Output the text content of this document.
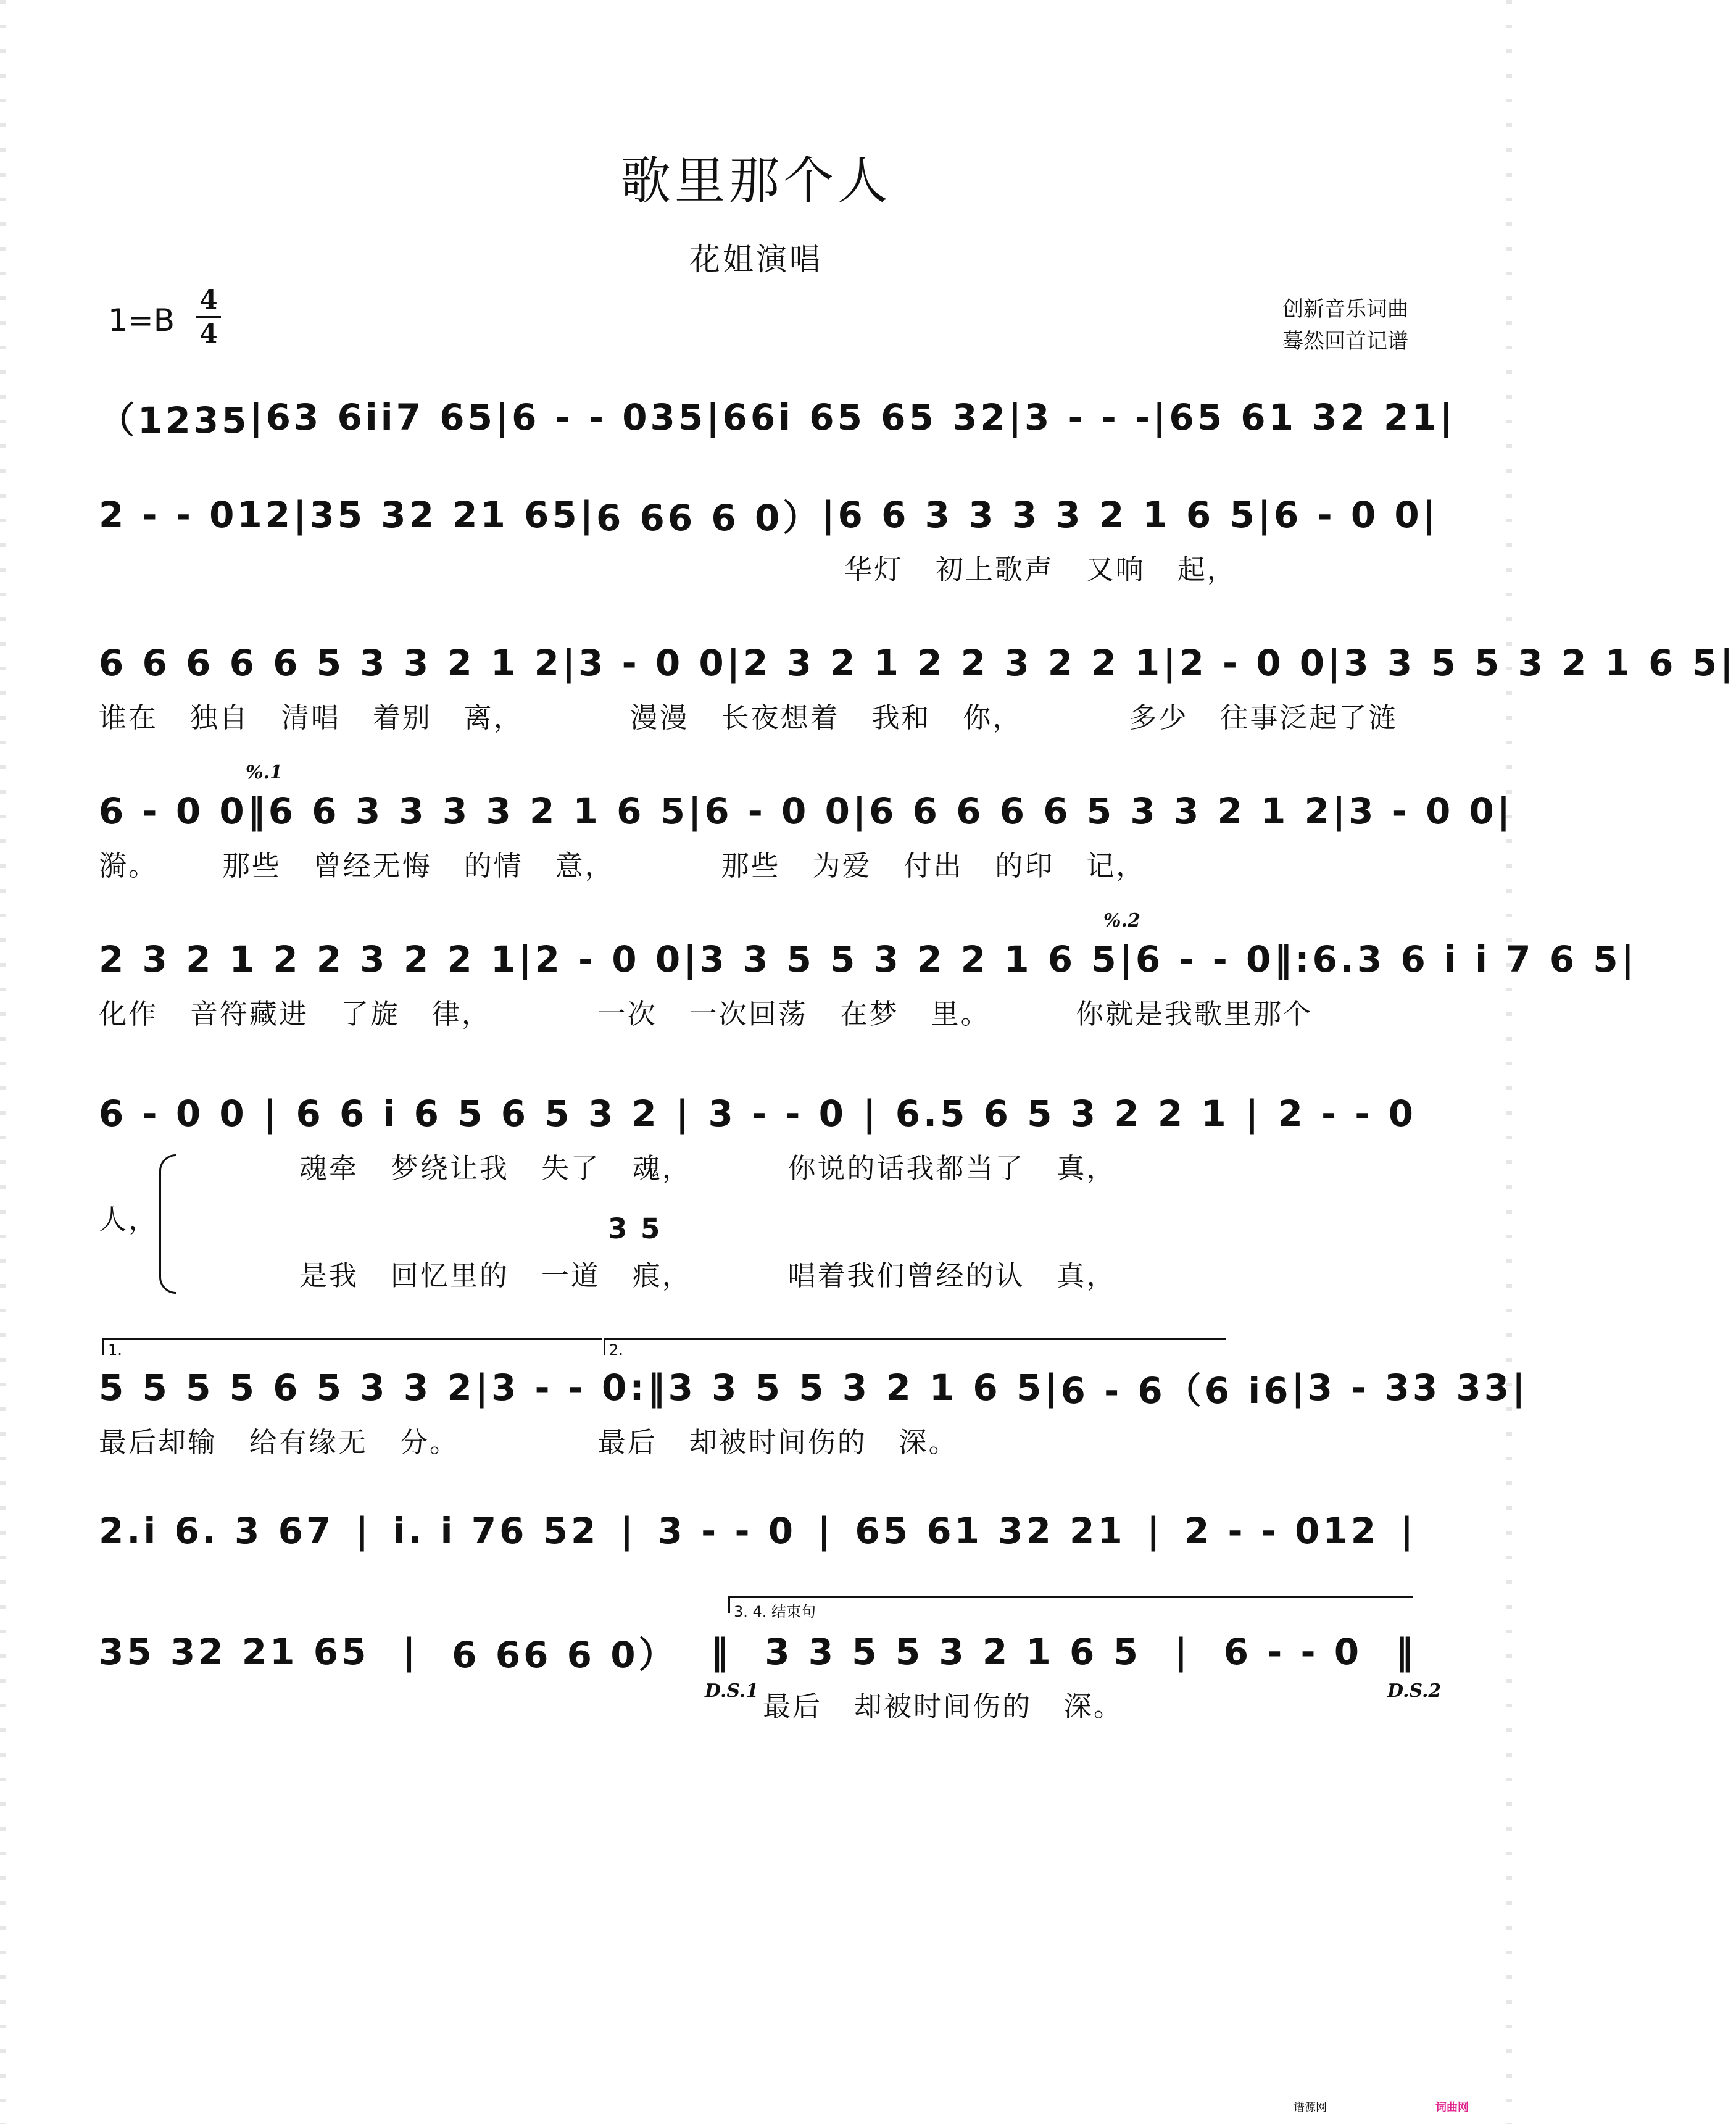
歌里那个人
花姐演唱
1=B
4
4
创新音乐词曲
蓦然回首记谱
（1235 | 63 6i i7 65 | 6 - - 035 | 66i 65 65 32 | 3 - - - | 65 61 32 21 |
2 - - 012 | 35 32 21 65 | 6 66 6 0） | 6 6 3 3 3 3 2 1 6 5 | 6 - 0 0 |
华灯   初上歌声   又响   起，
6 6 6 6 6 5 3 3 2 1 2 | 3 - 0 0 | 2 3 2 1 2 2 3 2 2 1 | 2 - 0 0 | 3 3 5 5 3 2 1 6 5 |
谁在   独自   清唱   着别   离，          漫漫   长夜想着   我和   你，          多少   往事泛起了涟
%.1
6 - 0 0 ‖ 6 6 3 3 3 3 2 1 6 5 | 6 - 0 0 | 6 6 6 6 6 5 3 3 2 1 2 | 3 - 0 0 |
漪。      那些   曾经无悔   的情   意，          那些   为爱   付出   的印   记，
%.2
2 3 2 1 2 2 3 2 2 1 | 2 - 0 0 | 3 3 5 5 3 2 2 1 6 5 | 6 - - 0 ‖: 6.3 6 i i 7 6 5 |
化作   音符藏进   了旋   律，          一次   一次回荡   在梦   里。        你就是我歌里那个
6 - 0 0 | 6 6 i 6 5 6 5 3 2 | 3 - - 0 | 6.5 6 5 3 2 2 1 | 2 - - 0
魂牵   梦绕让我   失了   魂，         你说的话我都当了   真，
人，	3 5
是我   回忆里的   一道   痕，         唱着我们曾经的认   真，
1.	2.
5 5 5 5 6 5 3 3 2 | 3 - - 0 :‖ 3 3 5 5 3 2 1 6 5 | 6 - 6（6 i6 | 3 - 33 33 |
最后却输   给有缘无   分。             最后   却被时间伤的   深。
2.i 6. 3 67 | i. i 76 52 | 3 - - 0 | 65 61 32 21 | 2 - - 012 |
3. 4. 结束句
35 32 21 65 | 6 66 6 0） ‖ 3 3 5 5 3 2 1 6 5 | 6 - - 0 ‖
D.S.1	D.S.2
最后   却被时间伤的   深。
谱源网	词曲网
